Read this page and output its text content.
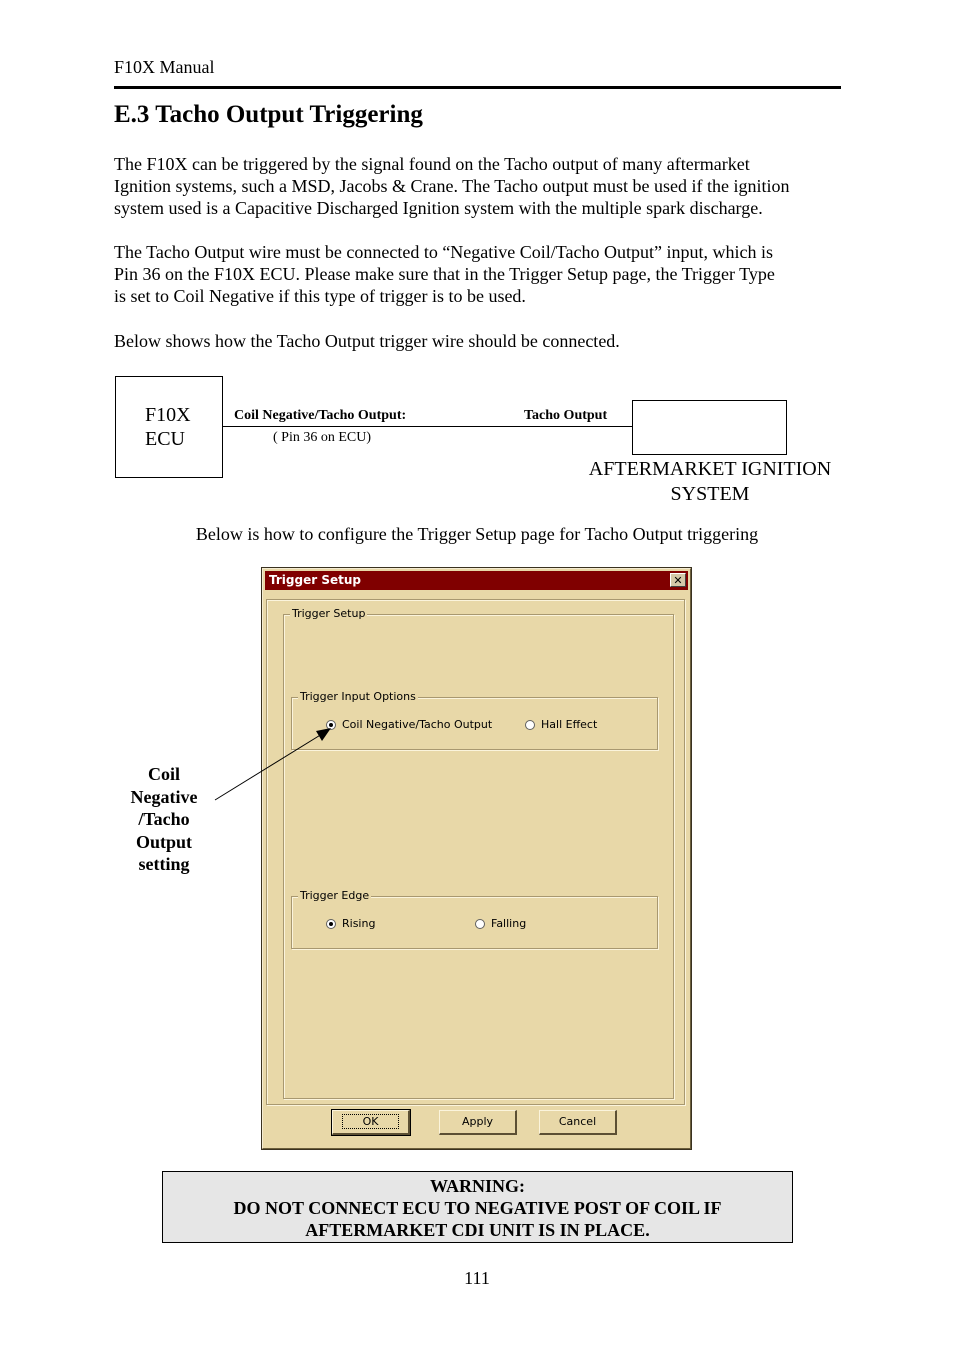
F10X Manual
E.3 Tacho Output Triggering

The F10X can be triggered by the signal found on the Tacho output of many aftermarket

Ignition systems, such a MSD, Jacobs & Crane. The Tacho output must be used if the ignition

system used is a Capacitive Discharged Ignition system with the multiple spark discharge.

The Tacho Output wire must be connected to “Negative Coil/Tacho Output” input, which is

Pin 36 on the F10X ECU. Please make sure that in the Trigger Setup page, the Trigger Type

is set to Coil Negative if this type of trigger is to be used.

Below shows how the Tacho Output trigger wire should be connected.

F10X
ECU
Coil Negative/Tacho Output:	Tacho Output
( Pin 36 on ECU)
AFTERMARKET IGNITION
SYSTEM
Below is how to configure the Trigger Setup page for Tacho Output triggering
Trigger Setup	✕
Trigger Setup
Trigger Input Options
Coil Negative/Tacho Output	Hall Effect
Trigger Edge
Rising	Falling
OK	Apply	Cancel
Coil
Negative
/Tacho
Output
setting
WARNING:
DO NOT CONNECT ECU TO NEGATIVE POST OF COIL IF
AFTERMARKET CDI UNIT IS IN PLACE.
111
